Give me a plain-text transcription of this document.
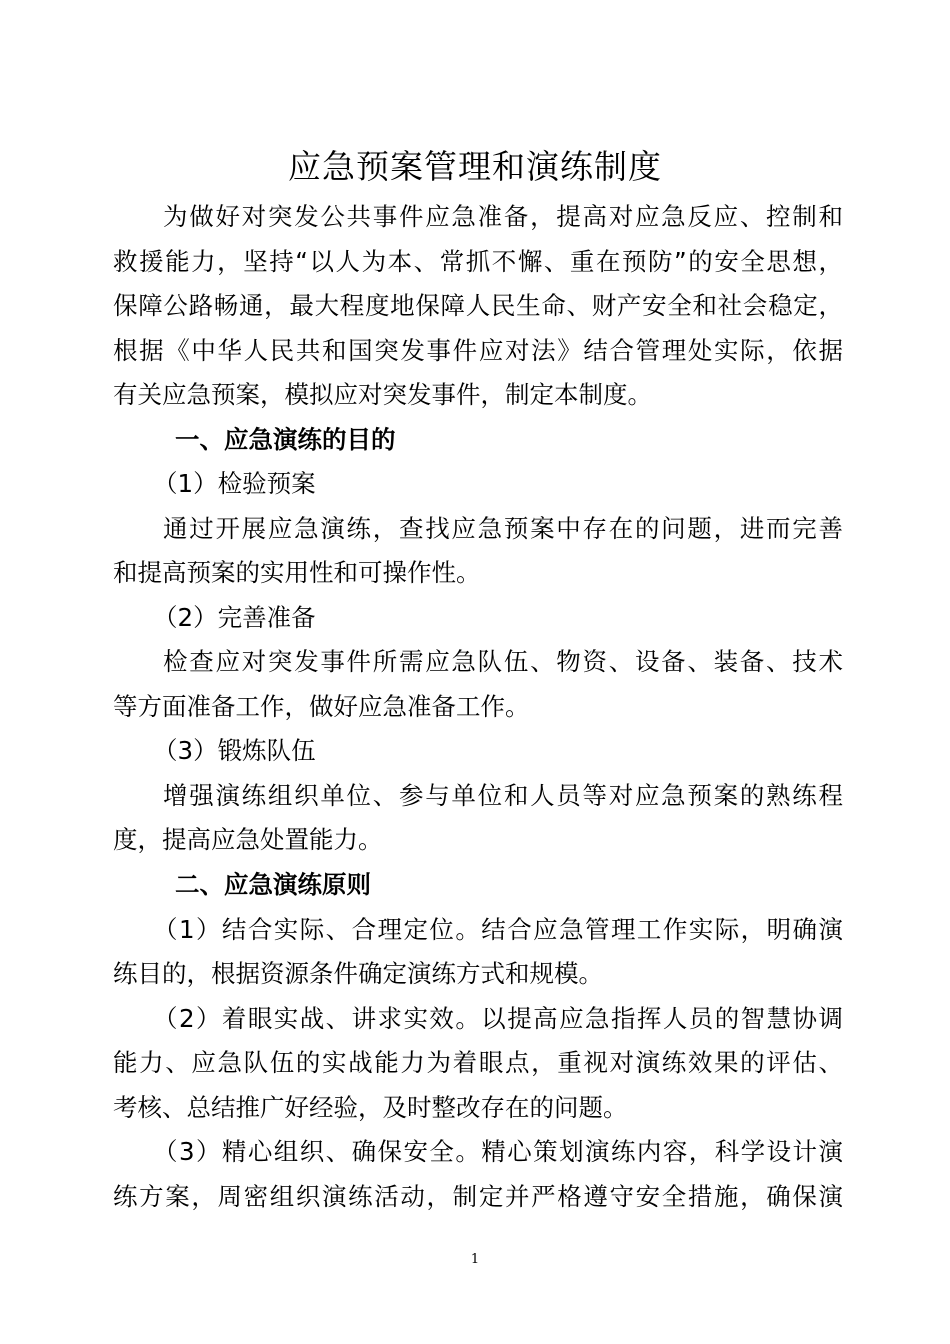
应急预案管理和演练制度
为做好对突发公共事件应急准备，提高对应急反应、控制和
救援能力，坚持“以人为本、常抓不懈、重在预防”的安全思想，
保障公路畅通，最大程度地保障人民生命、财产安全和社会稳定，
根据《中华人民共和国突发事件应对法》结合管理处实际，依据
有关应急预案，模拟应对突发事件，制定本制度。
一、应急演练的目的
（1）检验预案
通过开展应急演练，查找应急预案中存在的问题，进而完善
和提高预案的实用性和可操作性。
（2）完善准备
检查应对突发事件所需应急队伍、物资、设备、装备、技术
等方面准备工作，做好应急准备工作。
（3）锻炼队伍
增强演练组织单位、参与单位和人员等对应急预案的熟练程
度，提高应急处置能力。
二、应急演练原则
（1）结合实际、合理定位。结合应急管理工作实际，明确演
练目的，根据资源条件确定演练方式和规模。
（2）着眼实战、讲求实效。以提高应急指挥人员的智慧协调
能力、应急队伍的实战能力为着眼点，重视对演练效果的评估、
考核、总结推广好经验，及时整改存在的问题。
（3）精心组织、确保安全。精心策划演练内容，科学设计演
练方案，周密组织演练活动，制定并严格遵守安全措施，确保演
1
